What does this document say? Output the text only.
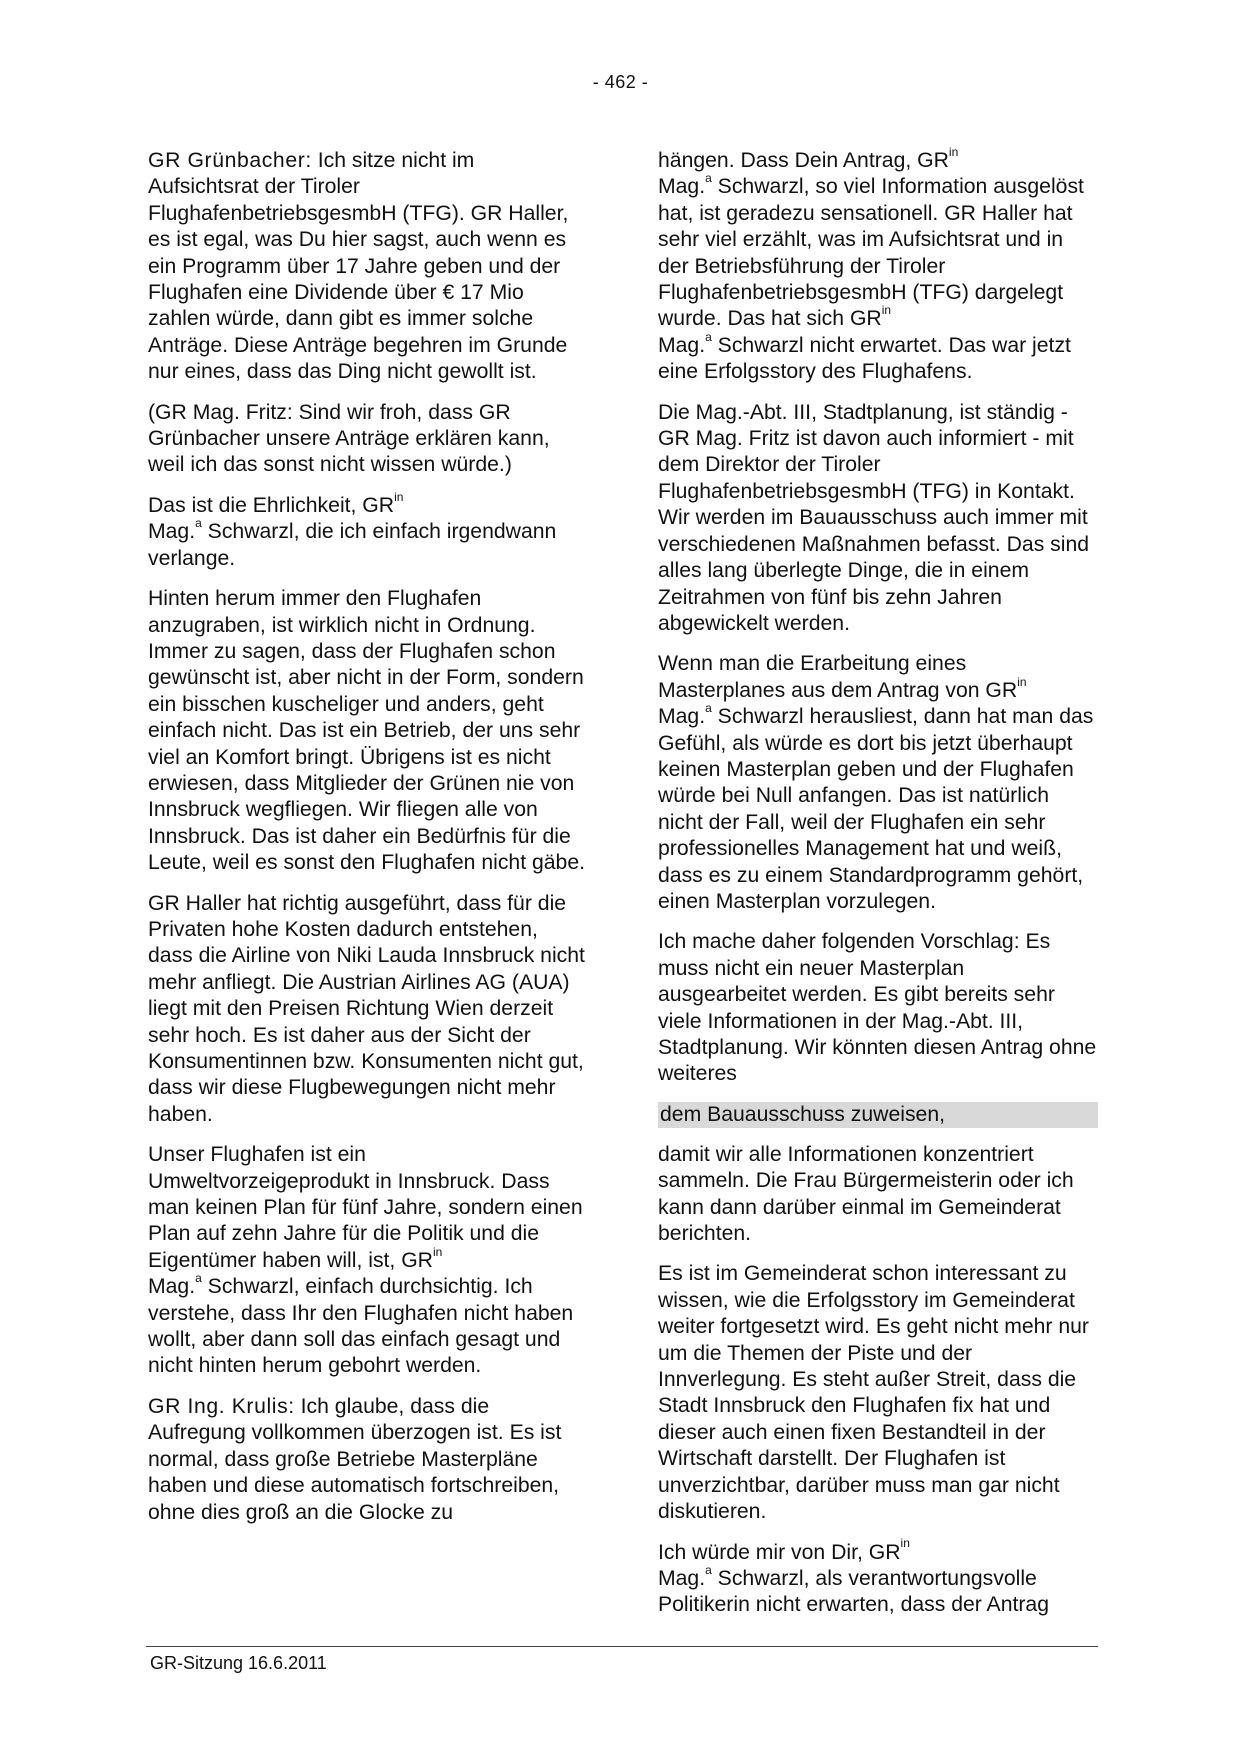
- 462 -

GR Grünbacher: Ich sitze nicht im Aufsichtsrat der Tiroler FlughafenbetriebsgesmbH (TFG). GR Haller, es ist egal, was Du hier sagst, auch wenn es ein Programm über 17 Jahre geben und der Flughafen eine Dividende über € 17 Mio zahlen würde, dann gibt es immer solche Anträge. Diese Anträge begehren im Grunde nur eines, dass das Ding nicht gewollt ist.

(GR Mag. Fritz: Sind wir froh, dass GR Grünbacher unsere Anträge erklären kann, weil ich das sonst nicht wissen würde.)

Das ist die Ehrlichkeit, $GR^{in}$
Mag.$^a$ Schwarzl, die ich einfach irgendwann verlange.

Hinten herum immer den Flughafen anzugraben, ist wirklich nicht in Ordnung. Immer zu sagen, dass der Flughafen schon gewünscht ist, aber nicht in der Form, sondern ein bisschen kuscheliger und anders, geht einfach nicht. Das ist ein Betrieb, der uns sehr viel an Komfort bringt. Übrigens ist es nicht erwiesen, dass Mitglieder der Grünen nie von Innsbruck wegfliegen. Wir fliegen alle von Innsbruck. Das ist daher ein Bedürfnis für die Leute, weil es sonst den Flughafen nicht gäbe.

GR Haller hat richtig ausgeführt, dass für die Privaten hohe Kosten dadurch entstehen, dass die Airline von Niki Lauda Innsbruck nicht mehr anfliegt. Die Austrian Airlines AG (AUA) liegt mit den Preisen Richtung Wien derzeit sehr hoch. Es ist daher aus der Sicht der Konsumentinnen bzw. Konsumenten nicht gut, dass wir diese Flugbewegungen nicht mehr haben.

Unser Flughafen ist ein Umweltvorzeigeprodukt in Innsbruck. Dass man keinen Plan für fünf Jahre, sondern einen Plan auf zehn Jahre für die Politik und die Eigentümer haben will, ist, $GR^{in}$
Mag.$^a$ Schwarzl, einfach durchsichtig. Ich verstehe, dass Ihr den Flughafen nicht haben wollt, aber dann soll das einfach gesagt und nicht hinten herum gebohrt werden.

GR Ing. Krulis: Ich glaube, dass die Aufregung vollkommen überzogen ist. Es ist normal, dass große Betriebe Masterpläne haben und diese automatisch fortschreiben, ohne dies groß an die Glocke zu

hängen. Dass Dein Antrag, $GR^{in}$
Mag.$^a$ Schwarzl, so viel Information ausgelöst hat, ist geradezu sensationell. GR Haller hat sehr viel erzählt, was im Aufsichtsrat und in der Betriebsführung der Tiroler FlughafenbetriebsgesmbH (TFG) dargelegt wurde. Das hat sich $GR^{in}$
Mag.$^a$ Schwarzl nicht erwartet. Das war jetzt eine Erfolgsstory des Flughafens.

Die Mag.-Abt. III, Stadtplanung, ist ständig - GR Mag. Fritz ist davon auch informiert - mit dem Direktor der Tiroler FlughafenbetriebsgesmbH (TFG) in Kontakt. Wir werden im Bauausschuss auch immer mit verschiedenen Maßnahmen befasst. Das sind alles lang überlegte Dinge, die in einem Zeitrahmen von fünf bis zehn Jahren abgewickelt werden.

Wenn man die Erarbeitung eines Masterplanes aus dem Antrag von $GR^{in}$
Mag.$^a$ Schwarzl herausliest, dann hat man das Gefühl, als würde es dort bis jetzt überhaupt keinen Masterplan geben und der Flughafen würde bei Null anfangen. Das ist natürlich nicht der Fall, weil der Flughafen ein sehr professionelles Management hat und weiß, dass es zu einem Standardprogramm gehört, einen Masterplan vorzulegen.

Ich mache daher folgenden Vorschlag: Es muss nicht ein neuer Masterplan ausgearbeitet werden. Es gibt bereits sehr viele Informationen in der Mag.-Abt. III, Stadtplanung. Wir könnten diesen Antrag ohne weiteres

dem Bauausschuss zuweisen,

damit wir alle Informationen konzentriert sammeln. Die Frau Bürgermeisterin oder ich kann dann darüber einmal im Gemeinderat berichten.

Es ist im Gemeinderat schon interessant zu wissen, wie die Erfolgsstory im Gemeinderat weiter fortgesetzt wird. Es geht nicht mehr nur um die Themen der Piste und der Innverlegung. Es steht außer Streit, dass die Stadt Innsbruck den Flughafen fix hat und dieser auch einen fixen Bestandteil in der Wirtschaft darstellt. Der Flughafen ist unverzichtbar, darüber muss man gar nicht diskutieren.

Ich würde mir von Dir, $GR^{in}$
Mag.$^a$ Schwarzl, als verantwortungsvolle Politikerin nicht erwarten, dass der Antrag

GR-Sitzung 16.6.2011
